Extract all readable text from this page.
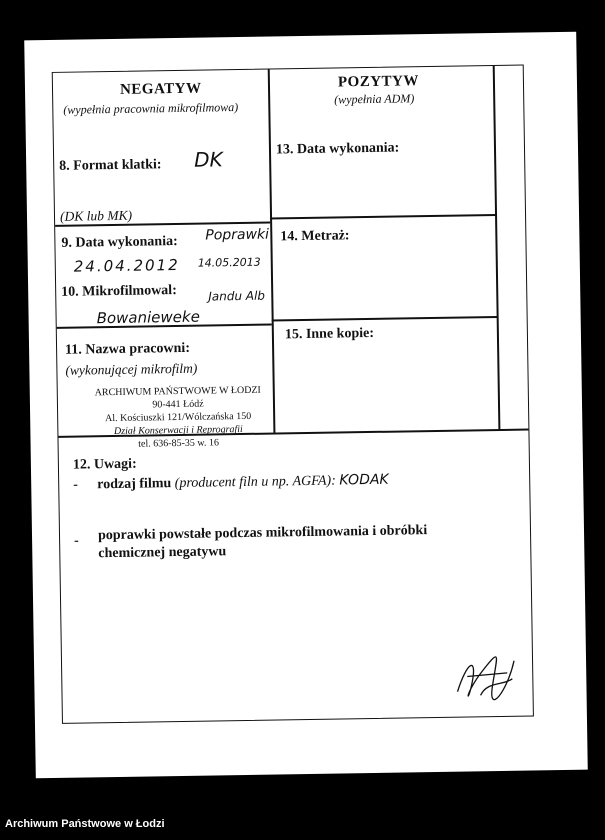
NEGATYW
(wypełnia pracownia mikrofilmowa)
POZYTYW
(wypełnia ADM)
8. Format klatki: DK
(DK lub MK)
13. Data wykonania:
9. Data wykonania: Poprawki
24.04.2012 14.05.2013
14. Metraż:
10. Mikrofilmowal:
Bowanieweke
Jandu Alb
11. Nazwa pracowni:
(wykonującej mikrofilm)
15. Inne kopie:
ARCHIWUM PAŃSTWOWE W ŁODZI
90-441 Łódź
Al. Kościuszki 121/Wólczańska 150
Dział Konserwacji i Reprografii
tel. 636-85-35 w. 16
12. Uwagi:
- rodzaj filmu (producent filn u np. AGFA): KODAK
- poprawki powstałe podczas mikrofilmowania i obróbki
chemicznej negatywu
Archiwum Państwowe w Łodzi
